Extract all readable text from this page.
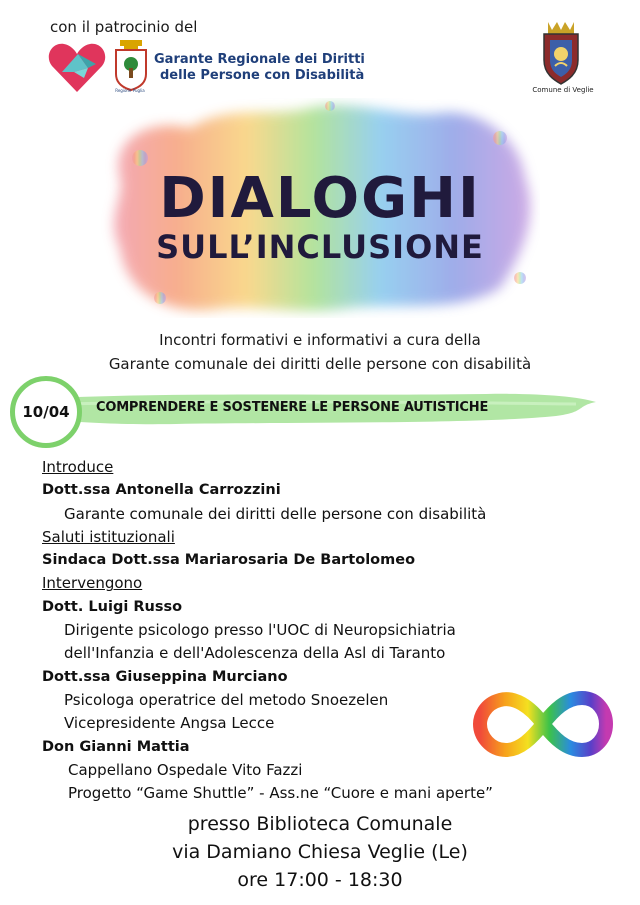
con il patrocinio del
Regione Puglia
Garante Regionale dei Diritti
delle Persone con Disabilità
Comune di Veglie
DIALOGHI
SULL’INCLUSIONE
Incontri formativi e informativi a cura della
Garante comunale dei diritti delle persone con disabilità
10/04	COMPRENDERE E SOSTENERE LE PERSONE AUTISTICHE
Introduce
Dott.ssa Antonella Carrozzini
Garante comunale dei diritti delle persone con disabilità
Saluti istituzionali
Sindaca Dott.ssa Mariarosaria De Bartolomeo
Intervengono
Dott. Luigi Russo
Dirigente psicologo presso l'UOC di Neuropsichiatria
dell'Infanzia e dell'Adolescenza della Asl di Taranto
Dott.ssa Giuseppina Murciano
Psicologa operatrice del metodo Snoezelen
Vicepresidente Angsa Lecce
Don Gianni Mattia
Cappellano Ospedale Vito Fazzi
Progetto “Game Shuttle” - Ass.ne “Cuore e mani aperte”
presso Biblioteca Comunale
via Damiano Chiesa Veglie (Le)
ore 17:00 - 18:30
